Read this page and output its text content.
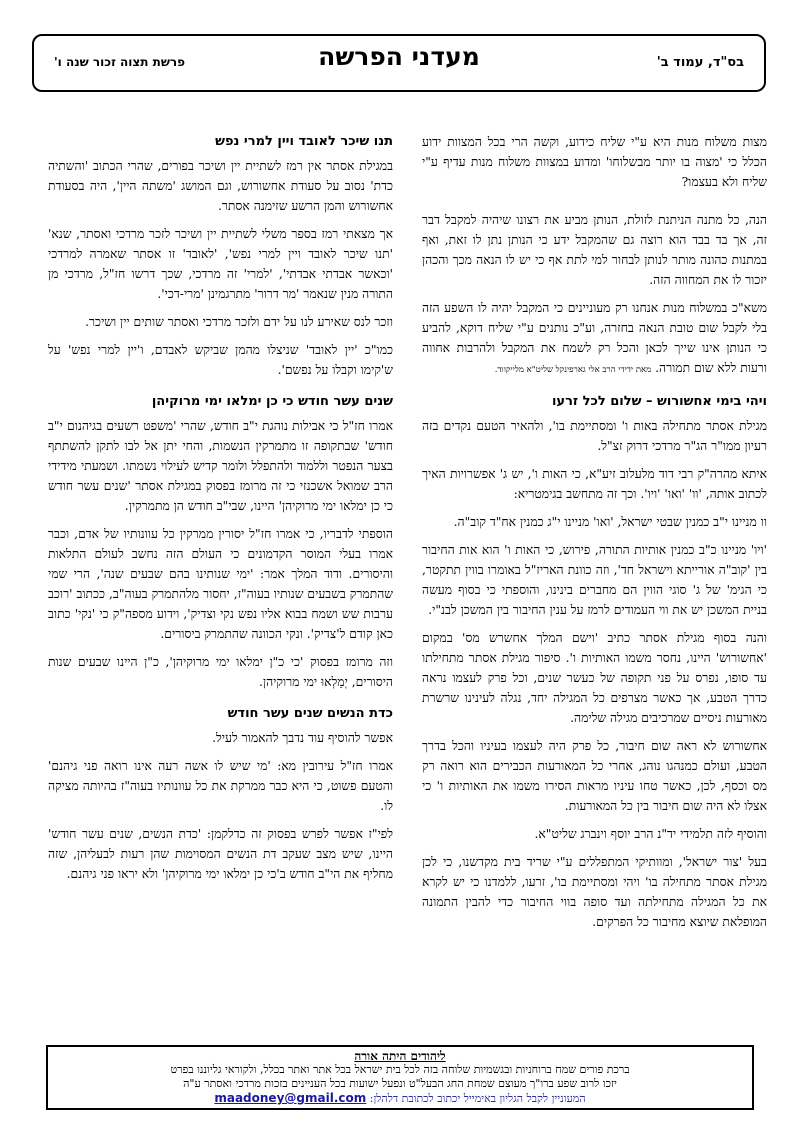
בס"ד, עמוד ב'
מעדני הפרשה
פרשת תצוה זכור שנה ו'

מצות משלוח מנות היא ע"י שליח כידוע, וקשה הרי בכל המצוות ידוע הכלל כי 'מצוה בו יותר מבשלוחו' ומדוע במצוות משלוח מנות עדיף ע"י שליח ולא בעצמו?

הנה, כל מתנה הניתנת לזולת, הנותן מביע את רצונו שיהיה למקבל דבר זה, אך בד בבד הוא רוצה גם שהמקבל ידע כי הנותן נתן לו זאת, ואף במתנות כהונה מותר לנותן לבחור למי לתת אף כי יש לו הנאה מכך והכהן יזכור לו את המחווה הזה.

משא"כ במשלוח מנות אנחנו רק מעוניינים כי המקבל יהיה לו השפע הזה בלי לקבל שום טובת הנאה בחזרה, וע"כ נותנים ע"י שליח דוקא, להביע כי הנותן אינו שייך לכאן והכל רק לשמח את המקבל ולהרבות אחווה ורעות ללא שום תמורה. מאת ידידי הרב אלי גארפינקל שליט"א מלייקווד.

ויהי בימי אחשורוש – שלום לכל זרעו

מגילת אסתר מתחילה באות ו' ומסתיימת בו', ולהאיר הטעם נקדים בזה רעיון ממו"ר הג"ר מרדכי דרוק זצ"ל.

איתא מהרה"ק רבי דוד מלעלוב זיע"א, כי האות ו', יש ג' אפשרויות האיך לכתוב אותה, 'וו' 'ואו' 'ויו'. וכך זה מתחשב בגימטריא:

וו מניינו י"ב כמנין שבטי ישראל, 'ואו' מניינו י"ג כמנין אח"ד קוב"ה.

'ויו' מניינו כ"ב כמנין אותיות התורה, פירוש, כי האות ו' הוא אות החיבור בין 'קוב"ה אורייתא וישראל חד', וזה כוונת האריז"ל באומרו בווין תתקטר, כי הגימ' של ג' סוגי הווין הם מחברים בינינו, והוספתי כי בסוף מעשה בניית המשכן יש את ווי העמודים לרמז על ענין החיבור בין המשכן לבנ"י.

והנה בסוף מגילת אסתר כתיב 'וישם המלך אחשרש מס' במקום 'אחשורוש' היינו, נחסר משמו האותיות ו'. סיפור מגילת אסתר מתחילתו עד סופו, נפרס על פני תקופה של כעשר שנים, וכל פרק לעצמו נראה כדרך הטבע, אך כאשר מצרפים כל המגילה יחד, נגלה לעינינו שרשרת מאורעות ניסיים שמרכיבים מגילה שלימה.

אחשורוש לא ראה שום חיבור, כל פרק היה לעצמו בעיניו והכל בדרך הטבע, ועולם כמנהגו נוהג, אחרי כל המאורעות הכבירים הוא רואה רק מס וכסף, לכן, כאשר טחו עיניו מראות הסירו משמו את האותיות ו' כי אצלו לא היה שום חיבור בין כל המאורעות.

והוסיף לזה תלמידי יד"נ הרב יוסף וינברג שליט"א.

בעל 'צור ישראל', ומוותיקי המתפללים ע"י שריד בית מקדשנו, כי לכן מגילת אסתר מתחילה בו' ויהי ומסתיימת בו', זרעו, ללמדנו כי יש לקרא את כל המגילה מתחילתה ועד סופה בווי החיבור כדי להבין התמונה המופלאת שיוצא מחיבור כל הפרקים.

תנו שיכר לאובד ויין למרי נפש

במגילת אסתר אין רמז לשתיית יין ושיכר בפורים, שהרי הכתוב 'והשתיה כדת' נסוב על סעודת אחשורוש, וגם המושג 'משתה היין', היה בסעודת אחשורוש והמן הרשע שזימנה אסתר.

אך מצאתי רמז בספר משלי לשתיית יין ושיכר לזכר מרדכי ואסתר, שנא' 'תנו שיכר לאובד ויין למרי נפש', 'לאובד' זו אסתר שאמרה למרדכי 'וכאשר אבדתי אבדתי', 'למרי' זה מרדכי, שכך דרשו חז"ל, מרדכי מן התורה מנין שנאמר 'מר דרור' מתרגמינן 'מרי-דכי'.

וזכר לנס שאירע לנו על ידם ולזכר מרדכי ואסתר שותים יין ושיכר.

כמו"כ 'יין לאובד' שניצלו מהמן שביקש לאבדם, ו'יין למרי נפש' על ש'קימו וקבלו על נפשם'.

שנים עשר חודש כי כן ימלאו ימי מרוקיהן

אמרו חז"ל כי אבילות נוהגת י"ב חודש, שהרי 'משפט רשעים בגיהנום י"ב חודש' שבתקופה זו מתמרקין הנשמות, והחי יתן אל לבו לתקן להשתתף בצער הנפטר וללמוד ולהתפלל ולומר קדיש לעילוי נשמתו. ושמעתי מידידי הרב שמואל אשכנזי כי זה מרומז בפסוק במגילת אסתר 'שנים עשר חודש כי כן ימלאו ימי מרוקיהן' היינו, שבי"ב חודש הן מתמרקין.

הוספתי לדבריו, כי אמרו חז"ל יסורין ממרקין כל עוונותיו של אדם, וכבר אמרו בעלי המוסר הקדמונים כי העולם הזה נחשב לעולם התלאות והיסורים. ודוד המלך אמר: 'ימי שנותינו בהם שבעים שנה', הרי שמי שהתמרק בשבעים שנותיו בעוה"ז, יחסור מלהתמרק בעוה"ב, ככתוב 'רוכב ערבות שש ושמח בבוא אליו נפש נקי וצדיק', וידוע מספה"ק כי 'נקי' כתוב כאן קודם ל'צדיק'. ונקי הכוונה שהתמרק ביסורים.

וזה מרומז בפסוק 'כי כ"ן ימלאו ימי מרוקיהן', כ"ן היינו שבעים שנות היסורים, יְמַלְאוּ ימי מרוקיהן.

כדת הנשים שנים עשר חודש

אפשר להוסיף עוד נדבך להאמור לעיל.

אמרו חז"ל עירובין מא: 'מי שיש לו אשה רעה אינו רואה פני גיהנם' והטעם פשוט, כי היא כבר ממרקת את כל עוונותיו בעוה"ז בהיותה מציקה לו.

לפי"ז אפשר לפרש בפסוק זה כדלקמן: 'כדת הנשים, שנים עשר חודש' היינו, שיש מצב שעקב דת הנשים המסוימות שהן רעות לבעליהן, שזה מחליף את הי"ב חודש ב'כי כן ימלאו ימי מרוקיהן' ולא יראו פני גיהנם.

ליהודים היתה אורה
ברכת פורים שמח ברוחניות ובגשמיות שלוחה בזה לכל בית ישראל בכל אתר ואתר בכלל, ולקוראי גליוננו בפרט
יזכו לרוב שפע ברו"ך מעוצם שמחת החג הבעל"ט ונפעל ישועות בכל העניינים בזכות מרדכי ואסתר ע"ה
המעוניין לקבל הגליון באימייל יכתוב לכתובת דלהלן: maadoney@gmail.com
